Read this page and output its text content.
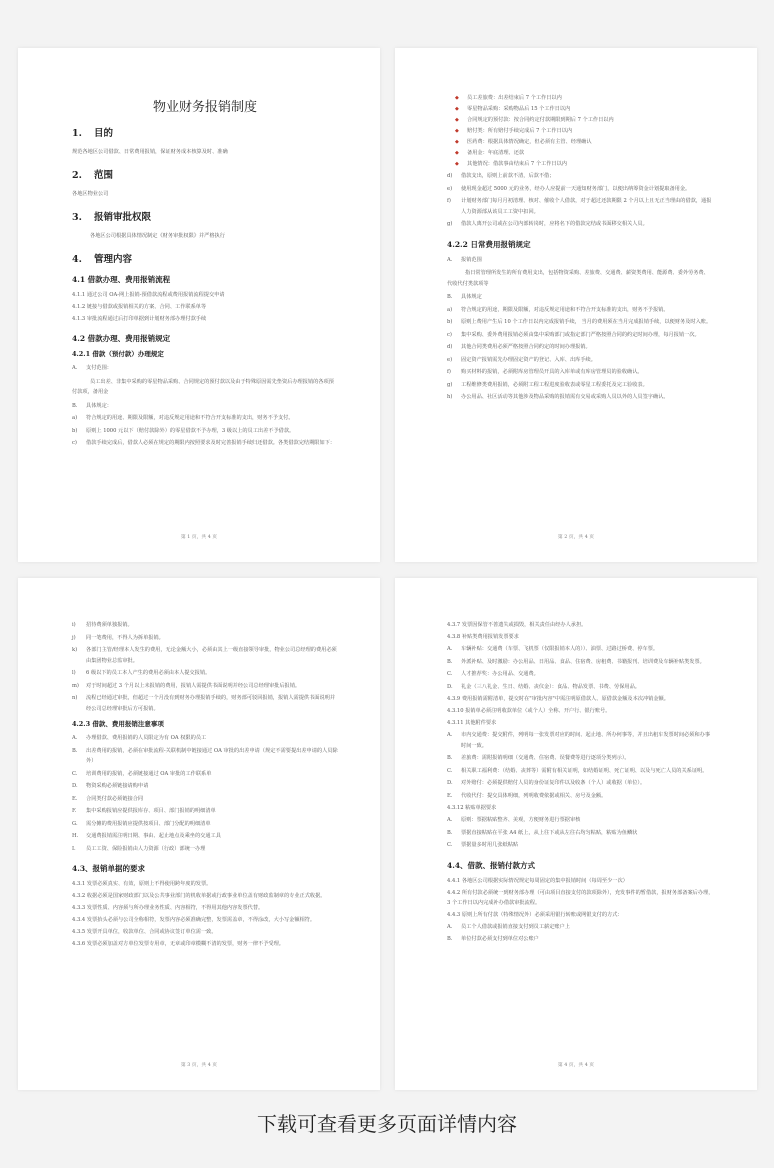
物业财务报销制度
1. 目的
规范各地区公司借款、日常费用报销，保证财务成本核算及时、准确
2. 范围
各地区物业公司
3. 报销审批权限
各地区公司根据具体情况制定《财务审批权限》并严格执行
4. 管理内容
4.1 借款办理、费用报销流程
4.1.1 通过公司 OA-网上报销-预借款流程或费用报销流程提交申请
4.1.2 链接与借款或报销相关的方案、合同、工作联系单等
4.1.3 审批流程通过后打印单据到计划财务部办理付款手续
4.2 借款办理、费用报销规定
4.2.1 借款（预付款）办理规定
A.	支付范围：
员工出差、非集中采购的零星物品采购、合同规定的预付款以及由于特殊原因需先垫资后办理报销的各项预付款项，备用金
B.	具体规定：
a)	符合规定的用途、期限及限额，对违反规定用途和不符合开支标准的支出，财务不予支付。
b)	原则上 1000 元以下（赔付款除外）的零星借款不予办理，3 级以上的员工出差不予借款。
c)	借款手续完成后，借款人必须在规定的期限内按照要求及时完善报销手续归还借款。各类借款完结期限如下：
第 1 页，共 4 页
◆	员工差旅费：出差结束后 7 个工作日以内
◆	零星物品采购：采购物品后 15 个工作日以内
◆	合同规定的预付款：按合同约定付款期限到期后 7 个工作日以内
◆	赔付类：所有赔付手续完成后 7 个工作日以内
◆	医药费：根据具体情况确定，但必须有主管、经理确认
◆	备用金：年底清理、还款
◆	其他情况：借款事由结束后 7 个工作日以内
d)	借款支出，原则上前款不清，后款不借；
e)	使用现金超过 5000 元的业务，经办人应提前一天通知财务部门，以便出纳筹资金计划提取备用金。
f)	计划财务部门每月月初清理、核对、催收个人借款，对于超过还款期限 2 个月以上且无正当理由的借款，通报人力资源部从该员工工资中扣回。
g)	借款人离开公司或在公司内部转岗时，应将名下的借款完结或书面移交相关人员。
4.2.2 日常费用报销规定
A.	报销范围
指日常管理所发生的所有费用支出，包括物资采购、差旅费、交通费、薪资类费用、能源费、委外劳务费、代收代付类款项等
B.	具体规定
a)	符合规定的用途，期限及限额，对违反规定用途和不符合开支标准的支出，财务不予报销。
b)	原则上费用产生后 10 个工作日以内完成报销手续， 当月的费用须在当月完成报销手续，以便财务及时入账。
c)	集中采购、委外费用报销必须由集中采购部门或指定部门严格按照合同的约定时间办理，每月报销一次。
d)	其他合同类费用必须严格按照合同约定的时间办理报销。
e)	固定资产报销需先办理固定资产的登记、入库、出库手续。
f)	购买材料的报销，必须附库房管理员开具的入库单或有库房管理员的验收确认。
g)	工程维修类费用报销，必须附工程工程进度验收表或零星工程委托及完工验收表。
h)	办公用品、社区活动等其他涉及物品采购的报销需有交易或采购人员以外的人员签字确认。
第 2 页，共 4 页
i)	招待费须单独报销。
j)	同一笔费用，不得人为拆单报销。
k)	各部门主管/经理本人发生的费用，无论金额大小，必须由其上一级直接领导审批，物业公司总经理的费用必须由集团物业总监审批。
l)	6 级以下的员工本人产生的费用必须由本人提交报销。
m)	对于时间超过 3 个月以上未报销的费用，报销人需提供书面说明并经公司总经理审批后报销。
n)	流程已经通过审批，但超过一个月没有到财务办理报销手续的，财务部可驳回报销，报销人需提供书面说明并经公司总经理审批后方可报销。
4.2.3 借款、费用报销注意事项
A.	办理借款、费用报销的人员限定为有 OA 权限的员工
B.	出差费用的报销，必须在审批流程-关联机制中链接通过 OA 审批的出差申请（规定不需要提出差申请的人员除外）
C.	培训费用的报销，必须链接通过 OA 审批的工作联系单
D.	物资采购必须链接请购申请
E.	合同类付款必须链接合同
F.	集中采购报销应提供报库存、项目、部门报销的明细清单
G.	需分摊的费用报销应提供按项目、部门分配的明细清单
H.	交通费报销需注明日期、事由、起止地点及乘坐的交通工具
I.	员工工资、保险报销由人力资源（行政）部统一办理
4.3、报销单据的要求
4.3.1 发票必须真实、有效，原则上不得使用跨年度的发票。
4.3.2 收据必须是国家财政部门以及公共事业部门的机收单据或行政事业单位盖有财政监制章的专业正式收据。
4.3.3 发票性质、内容须与所办理业务性质、内容相符，不得用其他内容发票代替。
4.3.4 发票抬头必须与公司全称相符，发票内容必须准确完整，发票需盖章，不得涂改，大小写金额相符。
4.3.5 发票开具单位，收款单位、合同或协议签订单位需一致。
4.3.6 发票必须加盖对方单位发票专用章，无章或印章模糊不清的发票，财务一律不予受理。
第 3 页，共 4 页
4.3.7 发票因保管不善遗失或损毁，相关责任由经办人承担。
4.3.8 补贴类费用报销发票要求
A.	车辆补贴：交通费（车票、飞机票（仅限报销本人的））、油票、过路过桥费、停车票。
B.	外派补贴、及时激励：办公用品、日用品、食品、住宿费、房租费、书籍报刊、培训费及车辆补贴类发票。
C.	人才推荐奖：办公用品、交通费。
D.	礼金（三八礼金、生日、结婚、丧仪金）：食品、物品发票、书费、劳保用品。
4.3.9 费用报销需附清单，提交时在"审批内容"中需注明原借款人、原借款金额及本次冲销金额。
4.3.10 报销单必须注明收款单位（或个人）全称、开户行、银行账号。
4.3.11 其他附件要求
A.	市内交通费：提交附件，列明每一张发票对应的时间、起止地、所办何事等，并且出租车发票时间必须和办事时间一致。
B.	差旅费：需附报销明细（交通费、住宿费、误餐费等进行逐项分类列示）。
C.	相关职工福利费：（结婚、丧葬等）需附有相关证明，如结婚证明、死亡证明、以及与死亡人员的关系证明。
D.	对外赔付：必须提供赔付人员的身份证复印件以及收条（个人）或收据（单位）。
E.	代收代付：提交具体明细，列明收费依据或相关、房号及金额。
4.3.12 粘贴单据要求
A.	原则：票据粘贴整齐、美观，方便财务进行票据审核
B.	票据直接粘贴在平张 A4 纸上，从上往下或从左往右均匀粘贴，粘贴为鱼鳞状
C.	票据量多时用几张纸粘贴
4.4、借款、报销付款方式
4.4.1 各地区公司根据实际情况规定每周固定的集中报销时间（每周至少一次）
4.4.2 所有付款必须统一到财务部办理（可由项目直接支付的款项除外），充发事件的暂借款，报财务部备案后办理，3 个工作日以内完成补办借款审批流程。
4.4.3 原则上所有付款（特殊情况外）必须采用银行转账或网银支付的方式：
A.	员工个人借款或报销直接支付到员工薪定账户上
B.	单位付款必须支付到单位对公账户
第 4 页，共 4 页
下载可查看更多页面详情内容
